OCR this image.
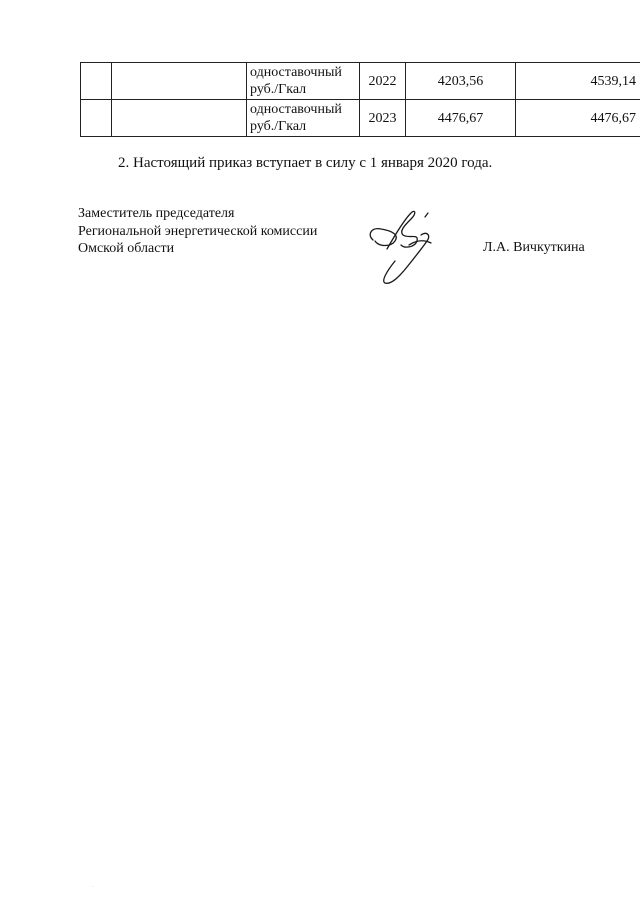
		одноставочный
руб./Гкал	2022	4203,56	4539,14

		одноставочный
руб./Гкал	2023	4476,67	4476,67
2. Настоящий приказ вступает в силу с 1 января 2020 года.
Заместитель председателя
Региональной энергетической комиссии
Омской области	Л.А. Вичкуткина
.
